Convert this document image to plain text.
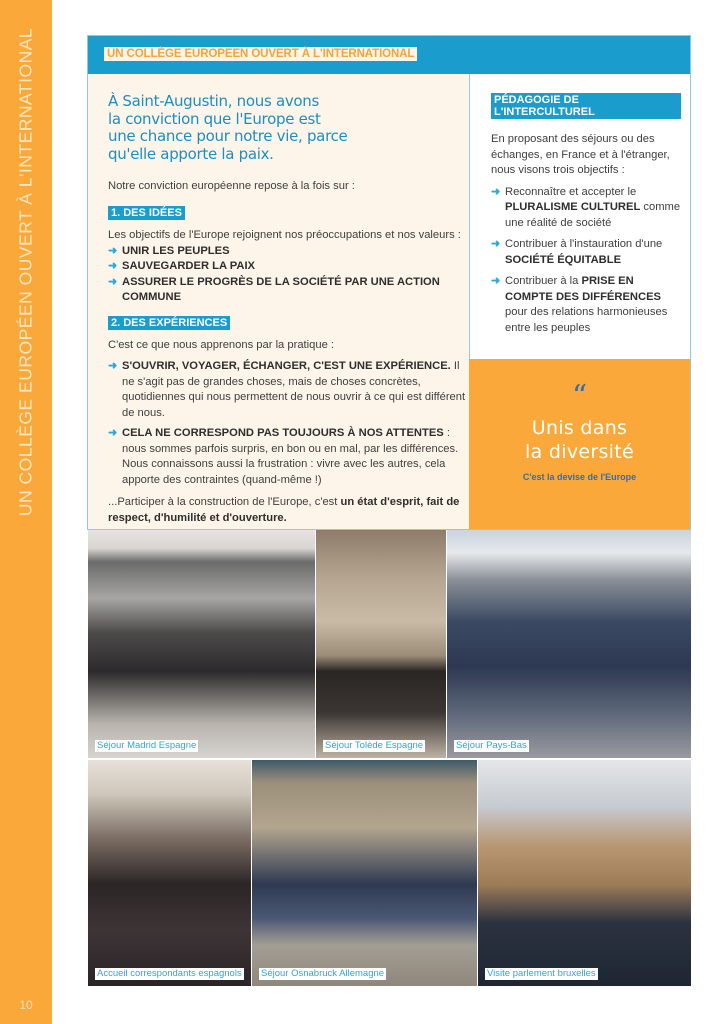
UN COLLÈGE EUROPÉEN OUVERT À L'INTERNATIONAL
10
UN COLLÈGE EUROPEEN OUVERT À L'INTERNATIONAL
À Saint-Augustin, nous avons
la conviction que l'Europe est
une chance pour notre vie, parce
qu'elle apporte la paix.
Notre conviction européenne repose à la fois sur :
1. DES IDÉES
Les objectifs de l'Europe rejoignent nos préoccupations et nos valeurs :
➜ UNIR LES PEUPLES
➜ SAUVEGARDER LA PAIX
➜ ASSURER LE PROGRÈS DE LA SOCIÉTÉ PAR UNE ACTION COMMUNE
2. DES EXPÉRIENCES
C'est ce que nous apprenons par la pratique :
➜ S'OUVRIR, VOYAGER, ÉCHANGER, C'EST UNE EXPÉRIENCE. Il ne s'agit pas de grandes choses, mais de choses concrètes, quotidiennes qui nous permettent de nous ouvrir à ce qui est différent de nous.
➜ CELA NE CORRESPOND PAS TOUJOURS À NOS ATTENTES : nous sommes parfois surpris, en bon ou en mal, par les différences. Nous connaissons aussi la frustration : vivre avec les autres, cela apporte des contraintes (quand-même !)
...Participer à la construction de l'Europe, c'est un état d'esprit, fait de respect, d'humilité et d'ouverture.
PÉDAGOGIE DE L'INTERCULTUREL
En proposant des séjours ou des échanges, en France et à l'étranger, nous visons trois objectifs :
➜ Reconnaître et accepter le PLURALISME CULTUREL comme une réalité de société
➜ Contribuer à l'instauration d'une SOCIÉTÉ ÉQUITABLE
➜ Contribuer à la PRISE EN COMPTE DES DIFFÉRENCES pour des relations harmonieuses entre les peuples
“
Unis dans
la diversité
C'est la devise de l'Europe
Séjour Madrid Espagne	Séjour Tolède Espagne	Séjour Pays-Bas
Accueil correspondants espagnols Séjour Osnabruck Allemagne	Visite parlement bruxelles
